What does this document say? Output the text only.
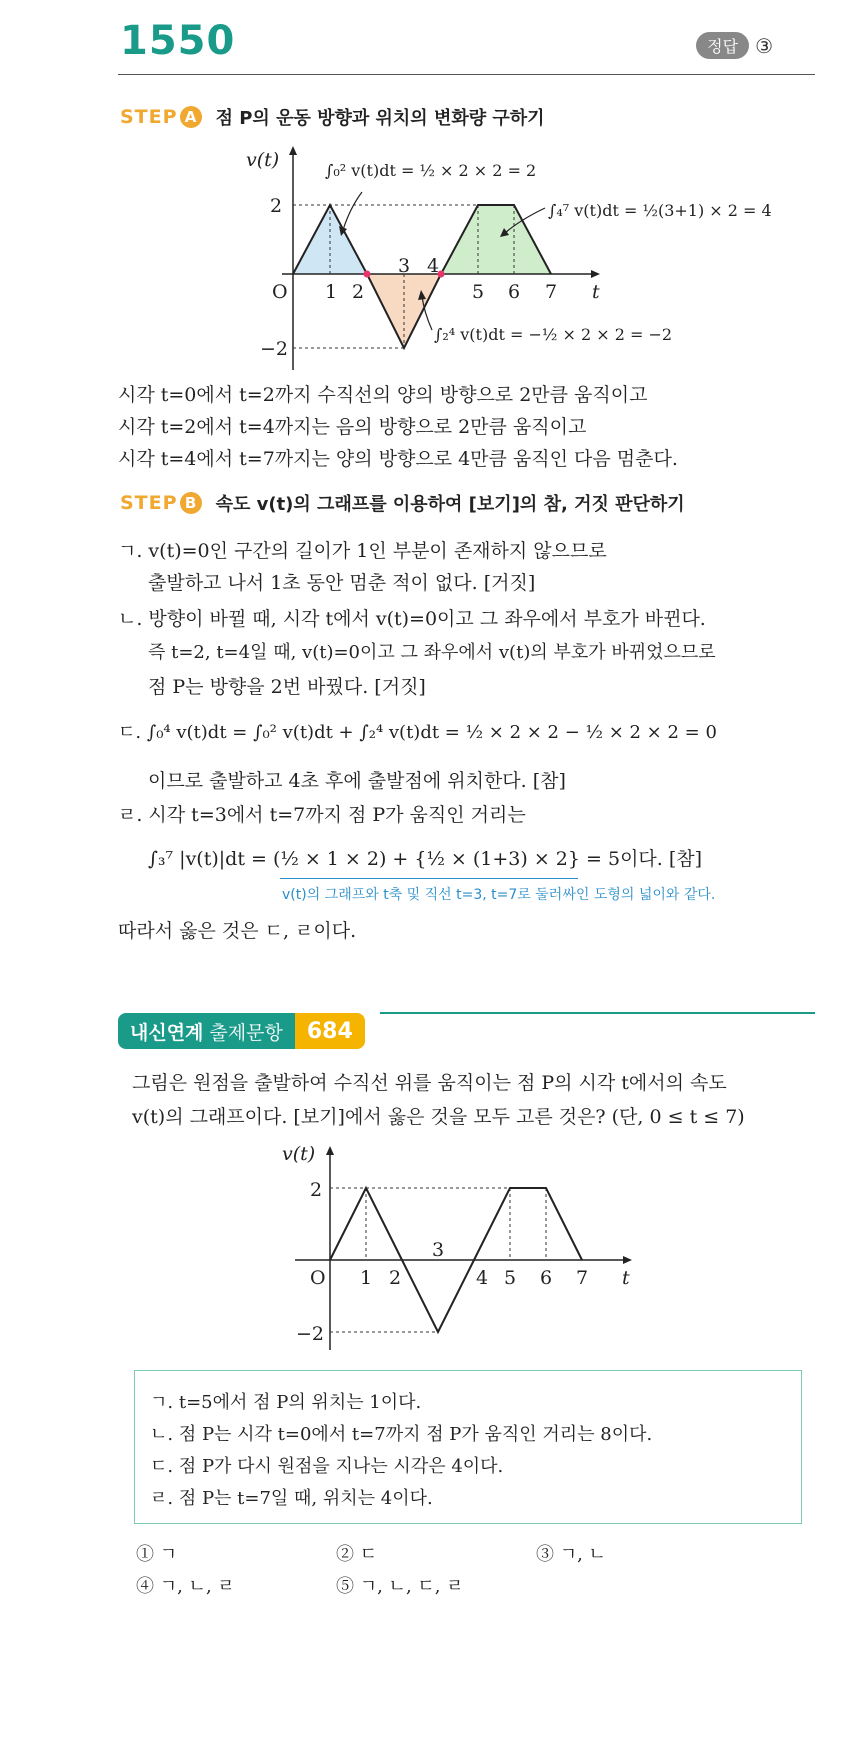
1550	정답 ③
STEP A 점 P의 운동 방향과 위치의 변화량 구하기
v(t)
O	t
2
−2
1 2
3 4
5 6 7
∫₀² v(t)dt = ½ × 2 × 2 = 2
∫₄⁷ v(t)dt = ½(3+1) × 2 = 4
∫₂⁴ v(t)dt = −½ × 2 × 2 = −2
시각 t=0에서 t=2까지 수직선의 양의 방향으로 2만큼 움직이고
시각 t=2에서 t=4까지는 음의 방향으로 2만큼 움직이고
시각 t=4에서 t=7까지는 양의 방향으로 4만큼 움직인 다음 멈춘다.
STEP B 속도 v(t)의 그래프를 이용하여 [보기]의 참, 거짓 판단하기
ㄱ. v(t)=0인 구간의 길이가 1인 부분이 존재하지 않으므로
출발하고 나서 1초 동안 멈춘 적이 없다. [거짓]
ㄴ. 방향이 바뀔 때, 시각 t에서 v(t)=0이고 그 좌우에서 부호가 바뀐다.
즉 t=2, t=4일 때, v(t)=0이고 그 좌우에서 v(t)의 부호가 바뀌었으므로
점 P는 방향을 2번 바꿨다. [거짓]
ㄷ. ∫₀⁴ v(t)dt = ∫₀² v(t)dt + ∫₂⁴ v(t)dt = ½ × 2 × 2 − ½ × 2 × 2 = 0
이므로 출발하고 4초 후에 출발점에 위치한다. [참]
ㄹ. 시각 t=3에서 t=7까지 점 P가 움직인 거리는
∫₃⁷ |v(t)|dt = (½ × 1 × 2) + {½ × (1+3) × 2} = 5이다. [참]
v(t)의 그래프와 t축 및 직선 t=3, t=7로 둘러싸인 도형의 넓이와 같다.
따라서 옳은 것은 ㄷ, ㄹ이다.
내신연계 출제문항	684
그림은 원점을 출발하여 수직선 위를 움직이는 점 P의 시각 t에서의 속도
v(t)의 그래프이다. [보기]에서 옳은 것을 모두 고른 것은? (단, 0 ≤ t ≤ 7)
v(t)
O	t
2
−2
1 2
3
4 5 6 7
ㄱ. t=5에서 점 P의 위치는 1이다.
ㄴ. 점 P는 시각 t=0에서 t=7까지 점 P가 움직인 거리는 8이다.
ㄷ. 점 P가 다시 원점을 지나는 시각은 4이다.
ㄹ. 점 P는 t=7일 때, 위치는 4이다.
① ㄱ	② ㄷ	③ ㄱ, ㄴ
④ ㄱ, ㄴ, ㄹ	⑤ ㄱ, ㄴ, ㄷ, ㄹ
